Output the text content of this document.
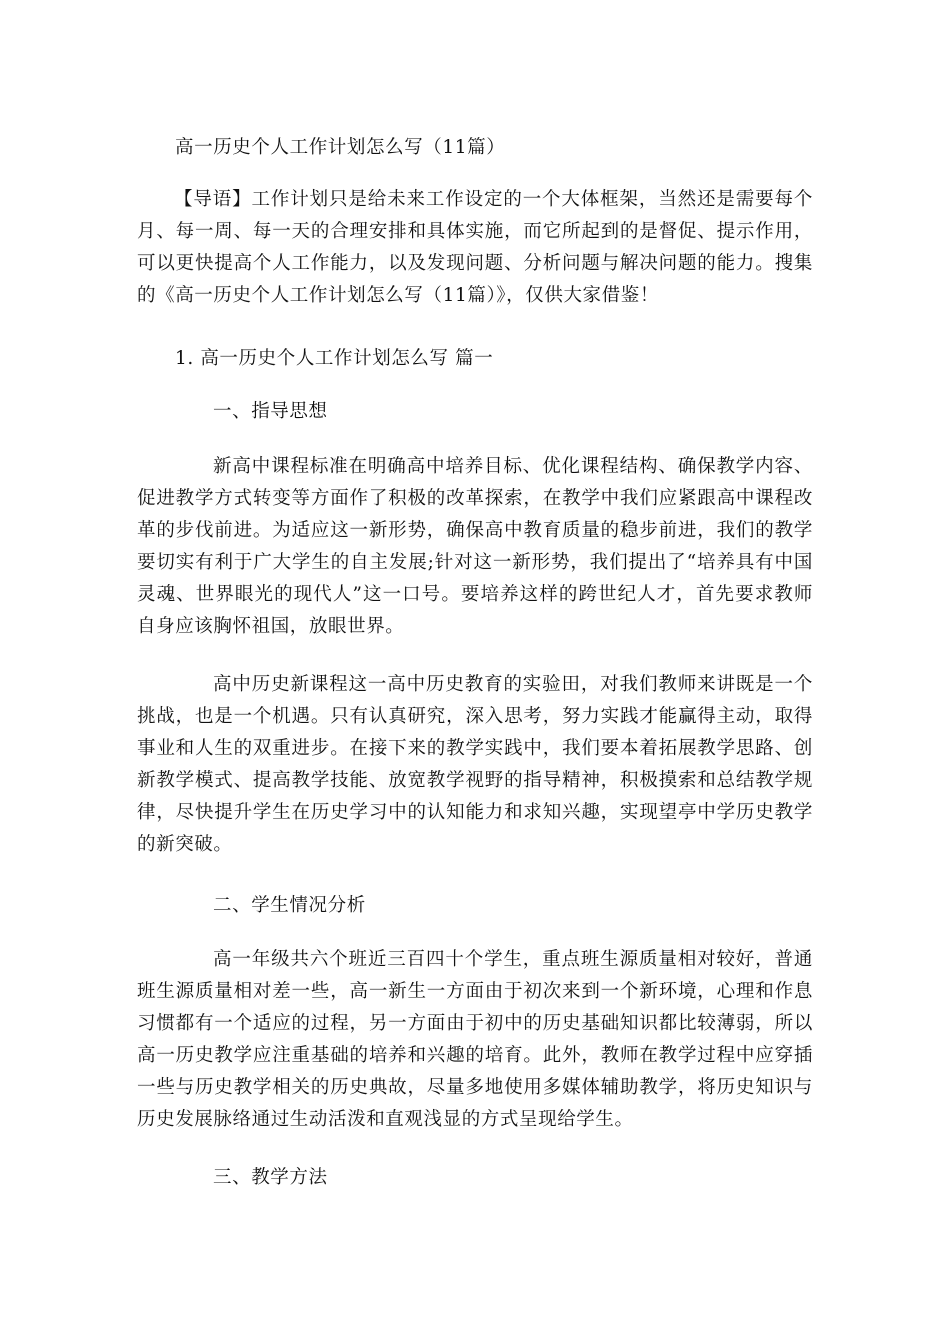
高一历史个人工作计划怎么写（11篇）

【导语】工作计划只是给未来工作设定的一个大体框架，当然还是需要每个月、每一周、每一天的合理安排和具体实施，而它所起到的是督促、提示作用，可以更快提高个人工作能力，以及发现问题、分析问题与解决问题的能力。搜集的《高一历史个人工作计划怎么写（11篇）》，仅供大家借鉴！

1. 高一历史个人工作计划怎么写 篇一

一、指导思想

新高中课程标准在明确高中培养目标、优化课程结构、确保教学内容、促进教学方式转变等方面作了积极的改革探索，在教学中我们应紧跟高中课程改革的步伐前进。为适应这一新形势，确保高中教育质量的稳步前进，我们的教学要切实有利于广大学生的自主发展;针对这一新形势，我们提出了“培养具有中国灵魂、世界眼光的现代人”这一口号。要培养这样的跨世纪人才，首先要求教师自身应该胸怀祖国，放眼世界。

高中历史新课程这一高中历史教育的实验田，对我们教师来讲既是一个挑战，也是一个机遇。只有认真研究，深入思考，努力实践才能赢得主动，取得事业和人生的双重进步。在接下来的教学实践中，我们要本着拓展教学思路、创新教学模式、提高教学技能、放宽教学视野的指导精神，积极摸索和总结教学规律，尽快提升学生在历史学习中的认知能力和求知兴趣，实现望亭中学历史教学的新突破。

二、学生情况分析

高一年级共六个班近三百四十个学生，重点班生源质量相对较好，普通班生源质量相对差一些，高一新生一方面由于初次来到一个新环境，心理和作息习惯都有一个适应的过程，另一方面由于初中的历史基础知识都比较薄弱，所以高一历史教学应注重基础的培养和兴趣的培育。此外，教师在教学过程中应穿插一些与历史教学相关的历史典故，尽量多地使用多媒体辅助教学，将历史知识与历史发展脉络通过生动活泼和直观浅显的方式呈现给学生。

三、教学方法
